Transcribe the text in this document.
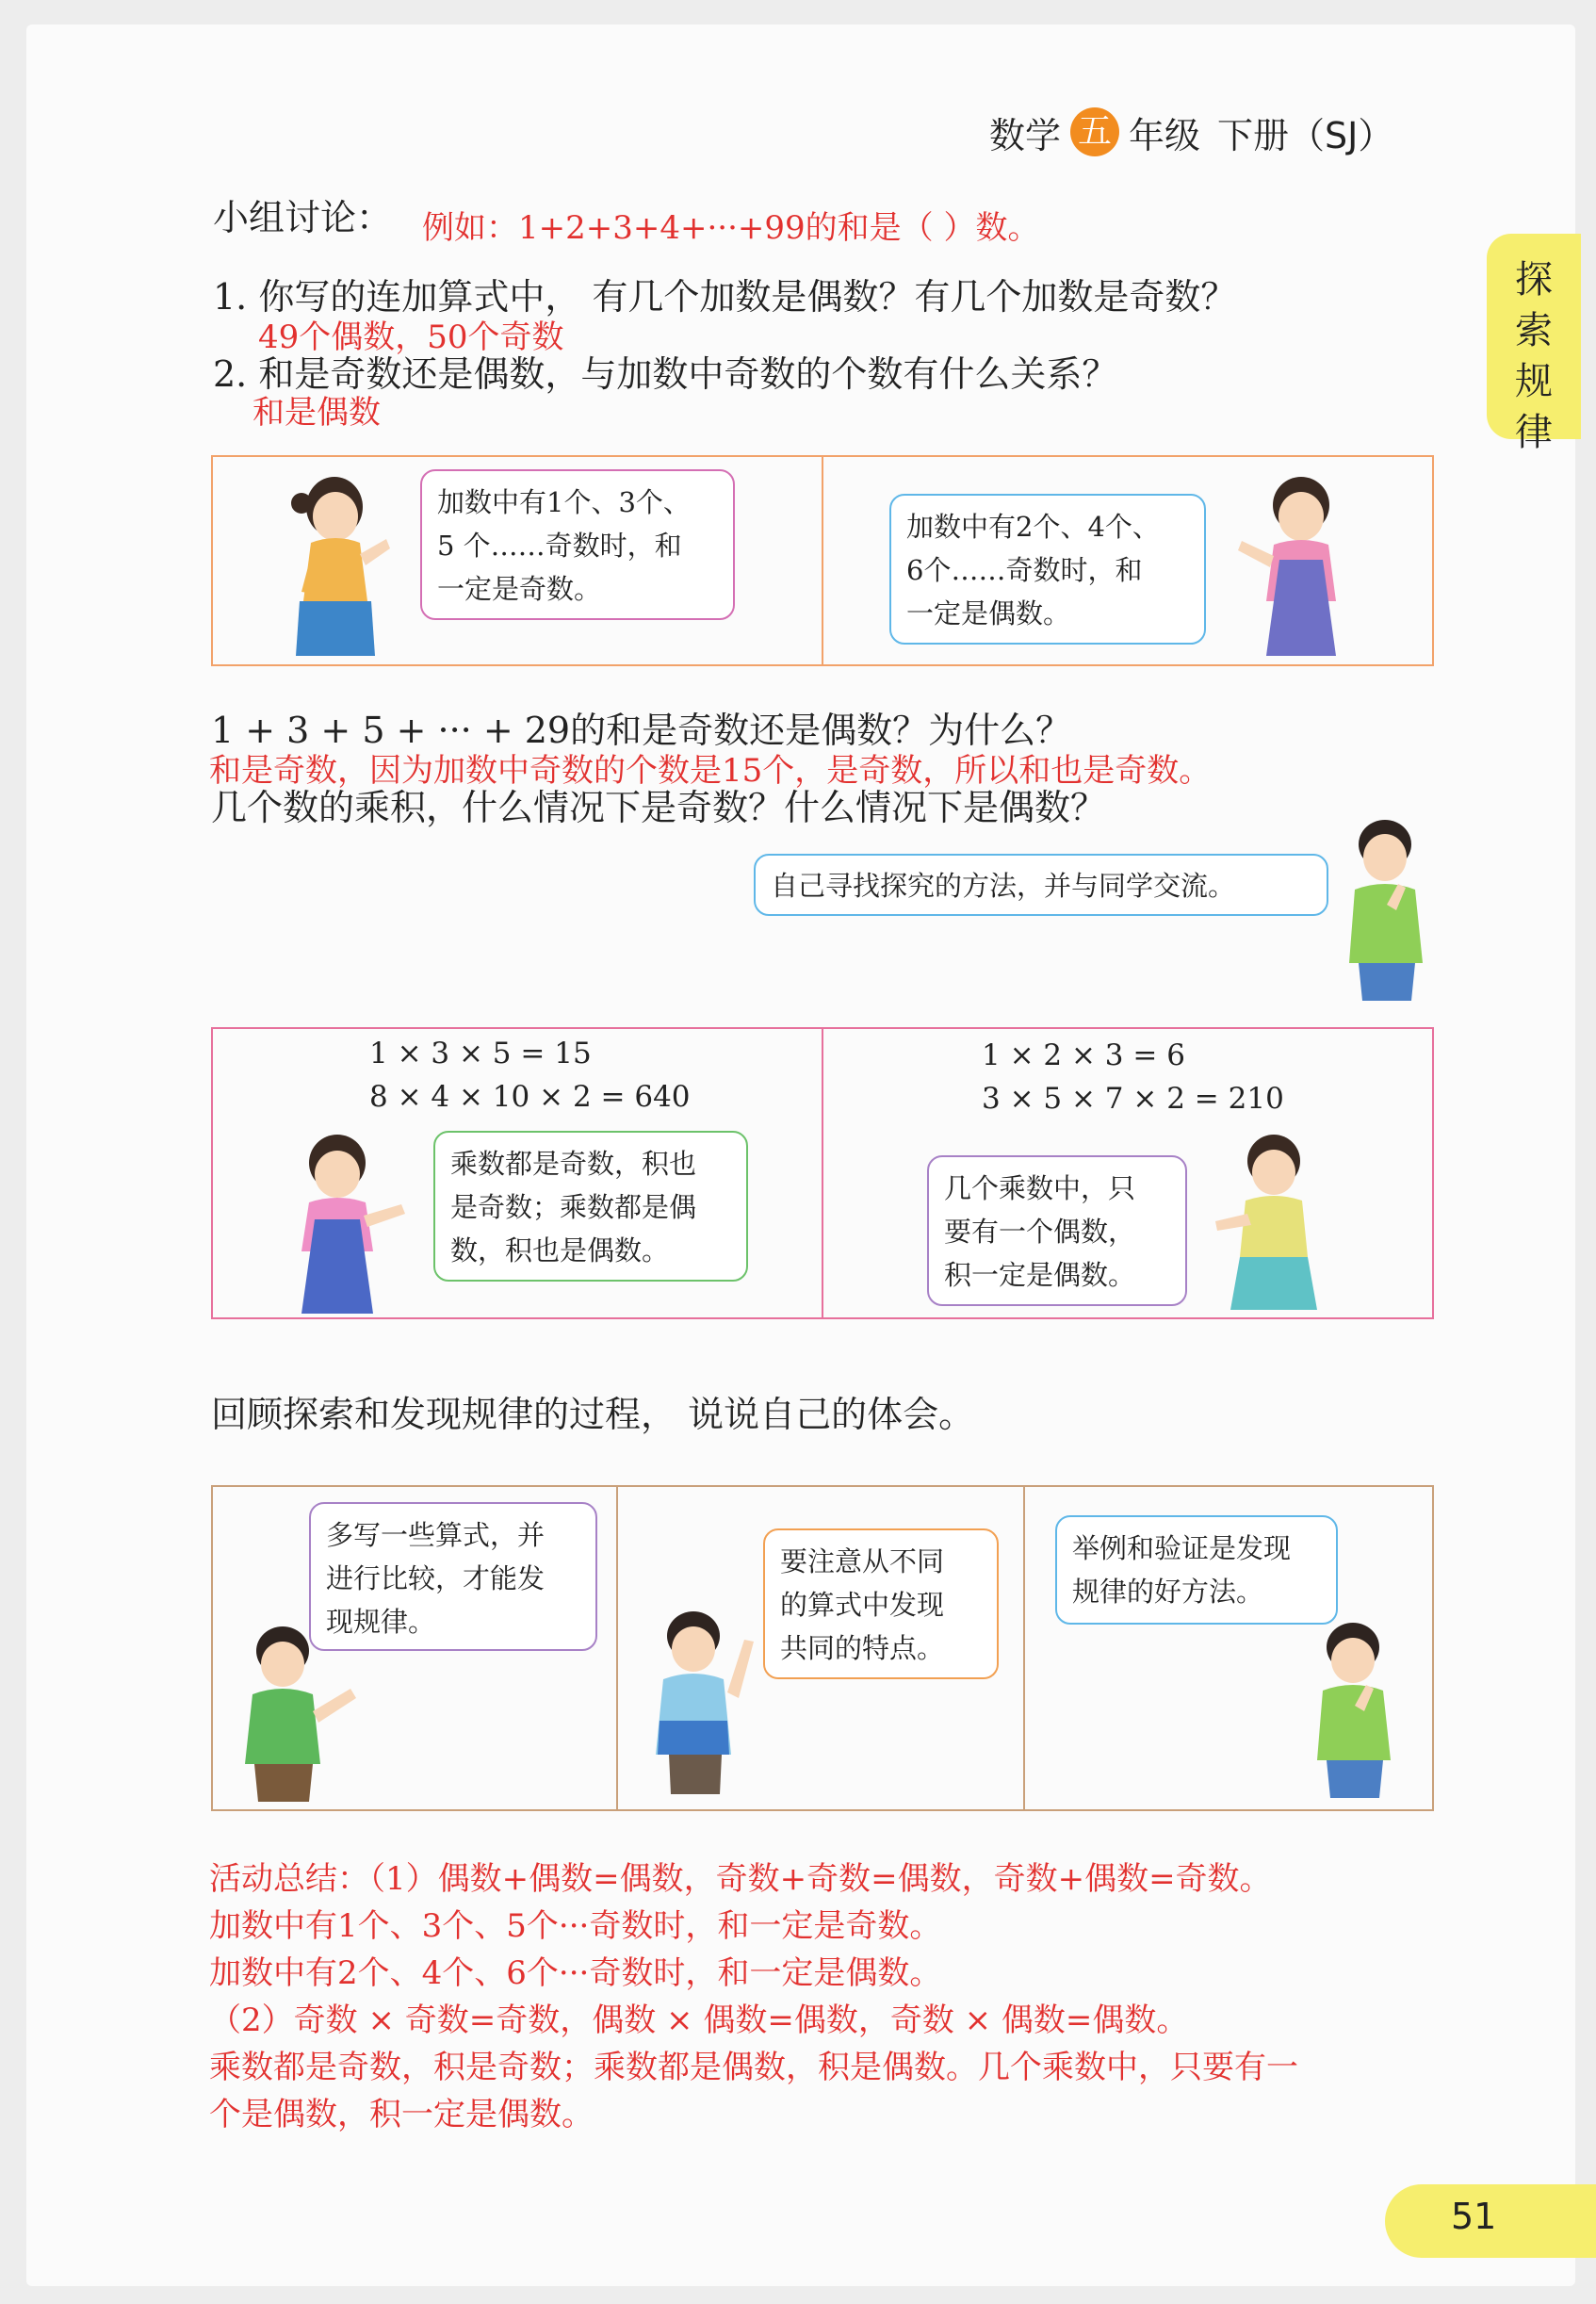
数学 五 年级 下册（SJ）
探索规律
小组讨论： 例如：1+2+3+4+···+99的和是（ ）数。
1. 你写的连加算式中， 有几个加数是偶数？有几个加数是奇数？
49个偶数，50个奇数
2. 和是奇数还是偶数，与加数中奇数的个数有什么关系？
和是偶数
加数中有1个、3个、
5 个……奇数时，和
一定是奇数。
加数中有2个、4个、
6个……奇数时，和
一定是偶数。
1 + 3 + 5 + ··· + 29的和是奇数还是偶数？为什么？
和是奇数，因为加数中奇数的个数是15个，是奇数，所以和也是奇数。
几个数的乘积，什么情况下是奇数？什么情况下是偶数？
自己寻找探究的方法，并与同学交流。
1 × 3 × 5 = 15
8 × 4 × 10 × 2 = 640
乘数都是奇数，积也
是奇数；乘数都是偶
数，积也是偶数。
1 × 2 × 3 = 6
3 × 5 × 7 × 2 = 210
几个乘数中，只
要有一个偶数，
积一定是偶数。
回顾探索和发现规律的过程， 说说自己的体会。
多写一些算式，并
进行比较，才能发
现规律。
要注意从不同
的算式中发现
共同的特点。
举例和验证是发现
规律的好方法。
活动总结：（1）偶数+偶数=偶数，奇数+奇数=偶数，奇数+偶数=奇数。
加数中有1个、3个、5个···奇数时，和一定是奇数。
加数中有2个、4个、6个···奇数时，和一定是偶数。
（2）奇数 × 奇数=奇数，偶数 × 偶数=偶数，奇数 × 偶数=偶数。
乘数都是奇数，积是奇数；乘数都是偶数，积是偶数。几个乘数中，只要有一
个是偶数，积一定是偶数。
51
